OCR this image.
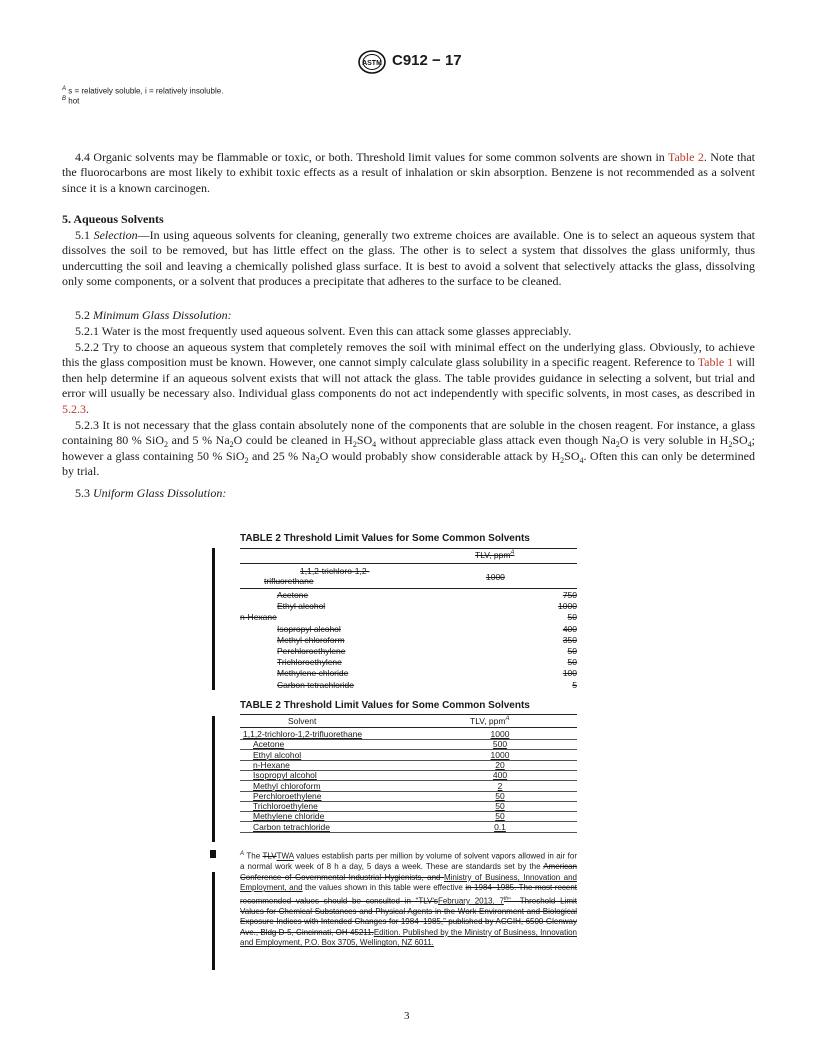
ASTM C912 − 17
$^A$ s = relatively soluble, i = relatively insoluble.
$^B$ hot
4.4 Organic solvents may be flammable or toxic, or both. Threshold limit values for some common solvents are shown in Table 2. Note that the fluorocarbons are most likely to exhibit toxic effects as a result of inhalation or skin absorption. Benzene is not recommended as a solvent since it is a known carcinogen.
5. Aqueous Solvents
5.1 Selection—In using aqueous solvents for cleaning, generally two extreme choices are available. One is to select an aqueous system that dissolves the soil to be removed, but has little effect on the glass. The other is to select a system that dissolves the glass uniformly, thus undercutting the soil and leaving a chemically polished glass surface. It is best to avoid a solvent that selectively attacks the glass, dissolving only some components, or a solvent that produces a precipitate that adheres to the surface to be cleaned.
5.2 Minimum Glass Dissolution:
5.2.1 Water is the most frequently used aqueous solvent. Even this can attack some glasses appreciably.
5.2.2 Try to choose an aqueous system that completely removes the soil with minimal effect on the underlying glass. Obviously, to achieve this the glass composition must be known. However, one cannot simply calculate glass solubility in a specific reagent. Reference to Table 1 will then help determine if an aqueous solvent exists that will not attack the glass. The table provides guidance in selecting a solvent, but trial and error will usually be necessary also. Individual glass components do not act independently with specific solvents, in most cases, as described in 5.2.3.
5.2.3 It is not necessary that the glass contain absolutely none of the components that are soluble in the chosen reagent. For instance, a glass containing 80 % SiO$_2$ and 5 % $Na_2O$ could be cleaned in $H_2SO_4$ without appreciable glass attack even though $Na_2O$ is very soluble in $H_2SO_4$; however a glass containing 50 % SiO$_2$ and 25 % $Na_2O$ would probably show considerable attack by $H_2SO_4$. Often this can only be determined by trial.
5.3 Uniform Glass Dissolution:
TABLE 2 Threshold Limit Values for Some Common Solvents
TLV, ppm$^A$
1,1,2-trichloro-1,2-
trifluorethane	1000
Acetone	750
Ethyl alcohol	1000
n-Hexane	50
Isopropyl alcohol	400
Methyl chloroform	350
Perchloroethylene	50
Trichloroethylene	50
Methylene chloride	100
Carbon tetrachloride	5
TABLE 2 Threshold Limit Values for Some Common Solvents
Solvent	TLV, ppm$^A$
1,1,2-trichloro-1,2-trifluorethane	1000
Acetone	500
Ethyl alcohol	1000
n-Hexane	20
Isopropyl alcohol	400
Methyl chloroform	2
Perchloroethylene	50
Trichloroethylene	50
Methylene chloride	50
Carbon tetrachloride	0.1
$^A$ The TLVTWA values establish parts per million by volume of solvent vapors allowed in air for a normal work week of 8 h a day, 5 days a week. These are standards set by the American Conference of Governmental Industrial Hygienists, and Ministry of Business, Innovation and Employment, and the values shown in this table were effective in 1984–1985. The most recent recommended values should be consulted in “TLV'sFebruary 2013, 7th”– Threshold Limit Values for Chemical Substances and Physical Agents in the Work Environment and Biological Exposure Indices with Intended Changes for 1984–1985,” published by ACGIH, 6500 Glenway Ave., Bldg D-5, Cincinnati, OH 45211.Edition. Published by the Ministry of Business, Innovation and Employment, P.O. Box 3705, Wellington, NZ 6011.
3
